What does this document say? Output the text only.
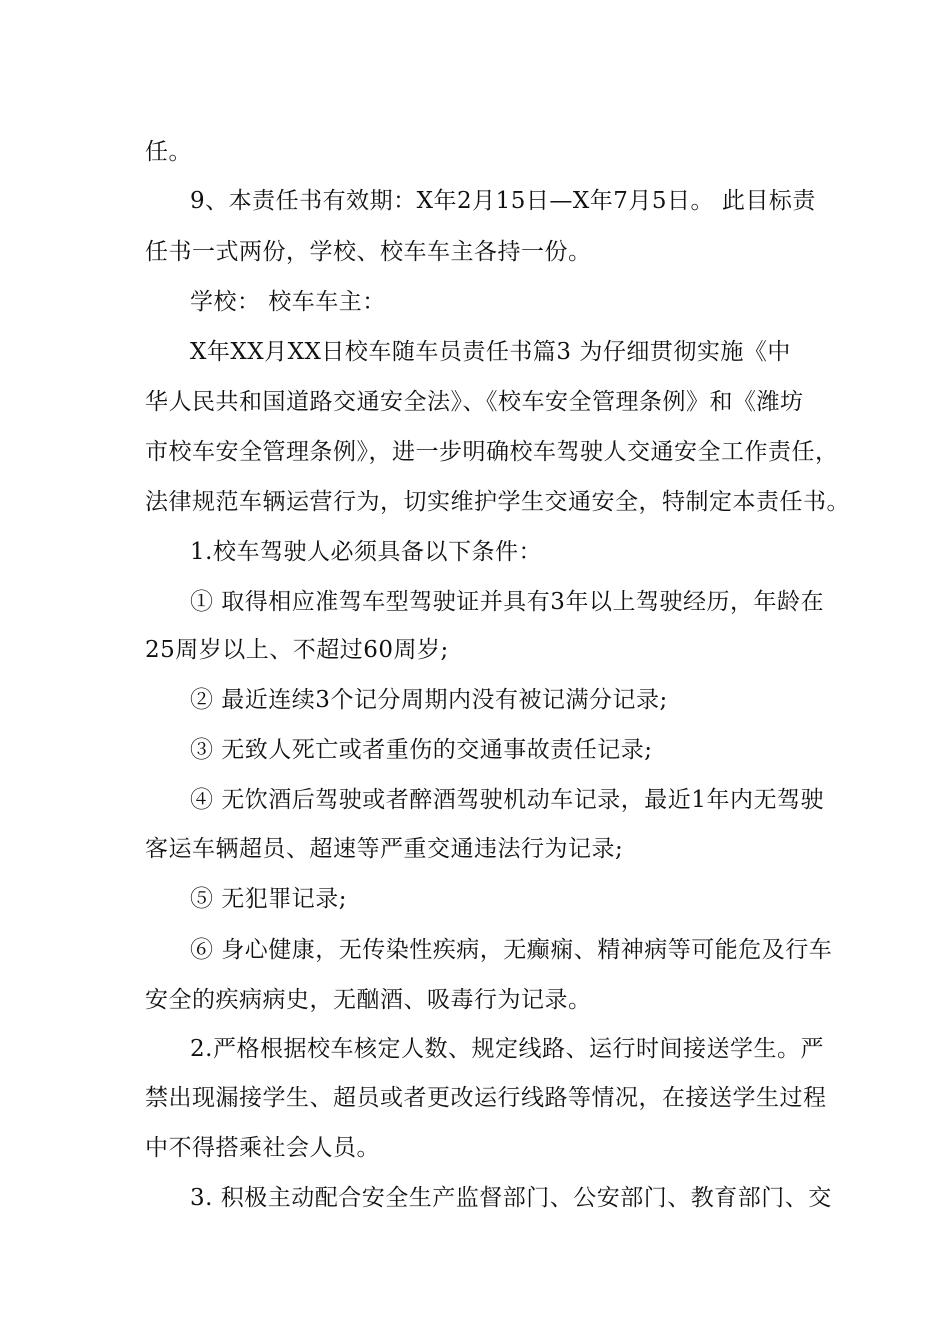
任。
9、本责任书有效期：X年2月15日—X年7月5日。 此目标责
任书一式两份，学校、校车车主各持一份。
学校： 校车车主：
X年XX月XX日校车随车员责任书篇3 为仔细贯彻实施《中
华人民共和国道路交通安全法》、《校车安全管理条例》和《潍坊
市校车安全管理条例》，进一步明确校车驾驶人交通安全工作责任，
法律规范车辆运营行为，切实维护学生交通安全，特制定本责任书。
1.校车驾驶人必须具备以下条件：
① 取得相应准驾车型驾驶证并具有3年以上驾驶经历，年龄在
25周岁以上、不超过60周岁;
② 最近连续3个记分周期内没有被记满分记录;
③ 无致人死亡或者重伤的交通事故责任记录;
④ 无饮酒后驾驶或者醉酒驾驶机动车记录，最近1年内无驾驶
客运车辆超员、超速等严重交通违法行为记录;
⑤ 无犯罪记录;
⑥ 身心健康，无传染性疾病，无癫痫、精神病等可能危及行车
安全的疾病病史，无酗酒、吸毒行为记录。
2.严格根据校车核定人数、规定线路、运行时间接送学生。严
禁出现漏接学生、超员或者更改运行线路等情况，在接送学生过程
中不得搭乘社会人员。
3. 积极主动配合安全生产监督部门、公安部门、教育部门、交
